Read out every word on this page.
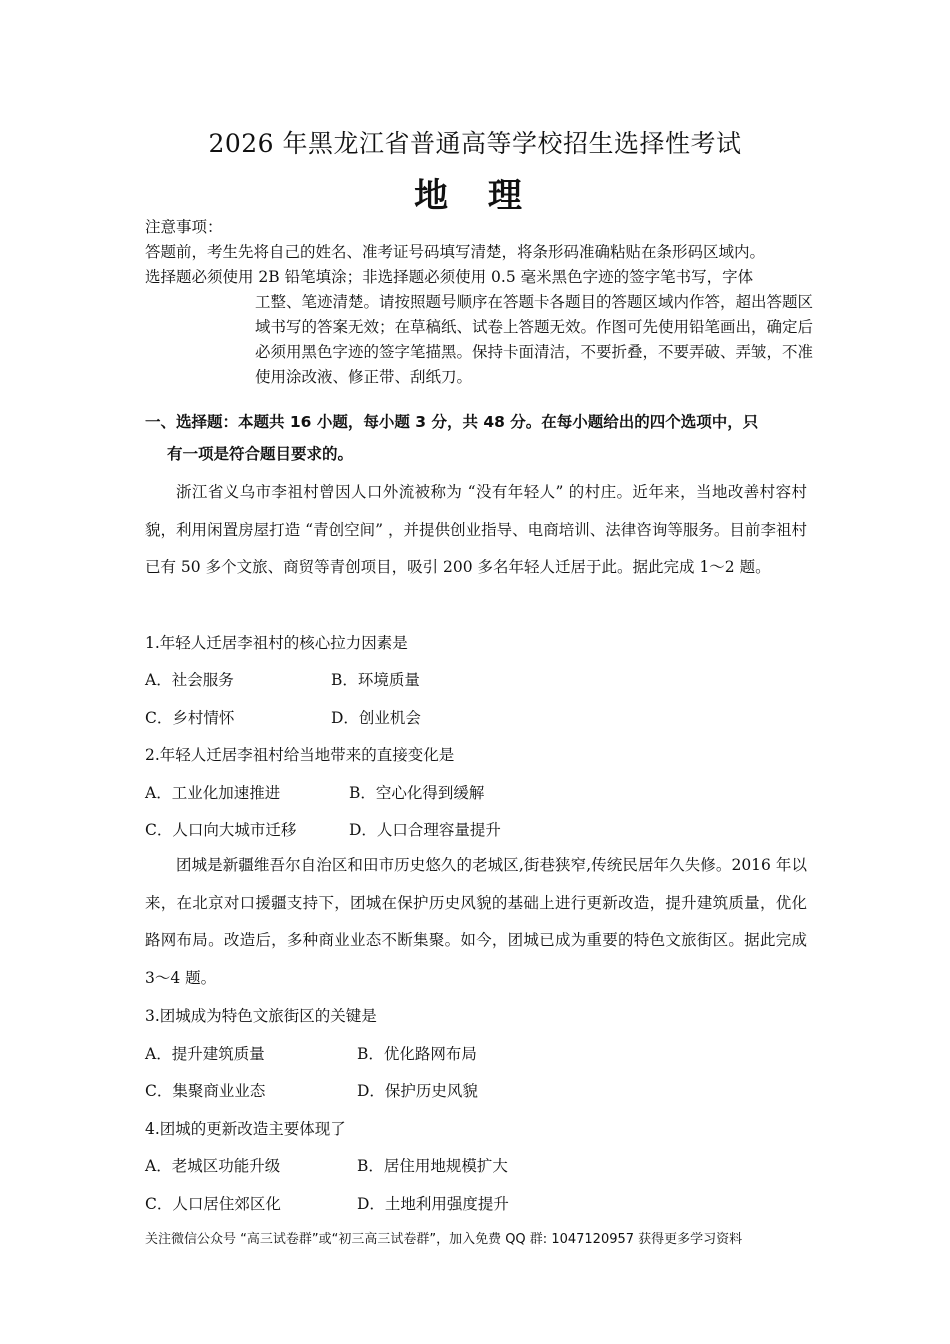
2026 年黑龙江省普通高等学校招生选择性考试
地 理
注意事项：
答题前，考生先将自己的姓名、准考证号码填写清楚，将条形码准确粘贴在条形码区域内。
选择题必须使用 2B 铅笔填涂；非选择题必须使用 0.5 毫米黑色字迹的签字笔书写，字体
工整、笔迹清楚。请按照题号顺序在答题卡各题目的答题区域内作答，超出答题区域书写的答案无效；在草稿纸、试卷上答题无效。作图可先使用铅笔画出，确定后必须用黑色字迹的签字笔描黑。保持卡面清洁，不要折叠，不要弄破、弄皱，不准使用涂改液、修正带、刮纸刀。
一、选择题：本题共 16 小题，每小题 3 分，共 48 分。在每小题给出的四个选项中，只
有一项是符合题目要求的。
浙江省义乌市李祖村曾因人口外流被称为 “没有年轻人” 的村庄。近年来，当地改善村容村貌，利用闲置房屋打造 “青创空间” ，并提供创业指导、电商培训、法律咨询等服务。目前李祖村已有 50 多个文旅、商贸等青创项目，吸引 200 多名年轻人迁居于此。据此完成 1～2 题。
1.年轻人迁居李祖村的核心拉力因素是
A．社会服务	B．环境质量
C．乡村情怀	D．创业机会
2.年轻人迁居李祖村给当地带来的直接变化是
A．工业化加速推进	B．空心化得到缓解
C．人口向大城市迁移	D．人口合理容量提升
团城是新疆维吾尔自治区和田市历史悠久的老城区,街巷狭窄,传统民居年久失修。2016 年以来，在北京对口援疆支持下，团城在保护历史风貌的基础上进行更新改造，提升建筑质量，优化路网布局。改造后，多种商业业态不断集聚。如今，团城已成为重要的特色文旅街区。据此完成 3～4 题。
3.团城成为特色文旅街区的关键是
A．提升建筑质量	B．优化路网布局
C．集聚商业业态	D．保护历史风貌
4.团城的更新改造主要体现了
A．老城区功能升级	B．居住用地规模扩大
C．人口居住郊区化	D．土地利用强度提升
关注微信公众号 “高三试卷群”或“初三高三试卷群”，加入免费 QQ 群: 1047120957 获得更多学习资料
